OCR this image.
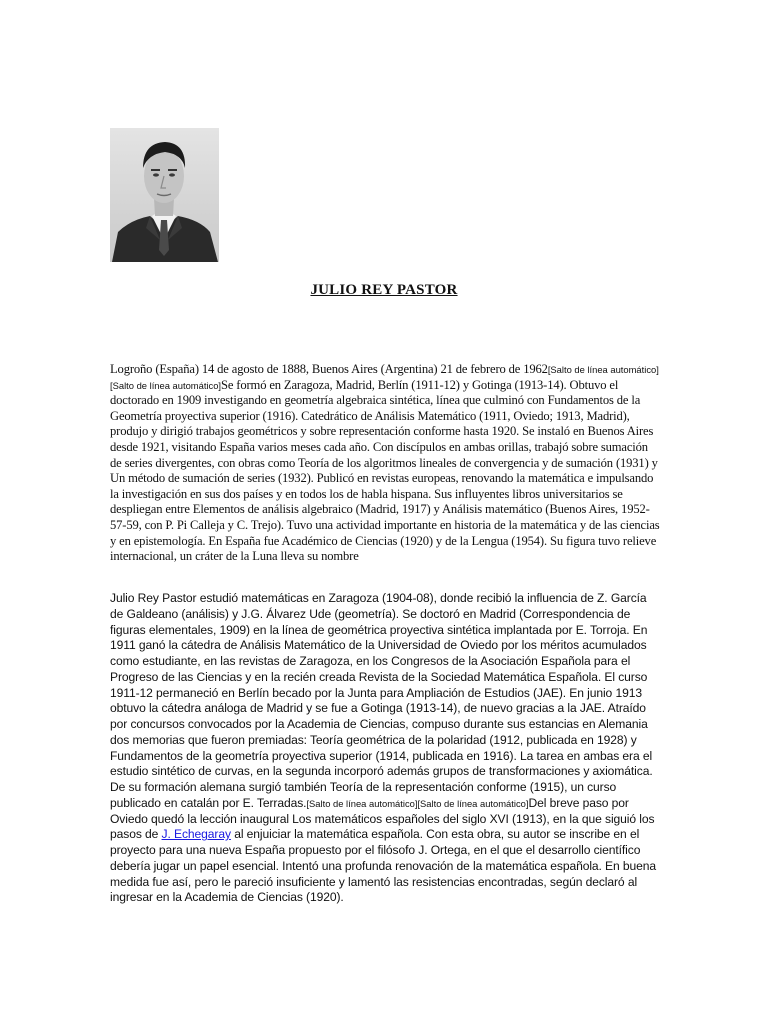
JULIO REY PASTOR
Logroño (España) 14 de agosto de 1888, Buenos Aires (Argentina) 21 de febrero de 1962[Salto de línea automático][Salto de línea automático]Se formó en Zaragoza, Madrid, Berlín (1911-12) y Gotinga (1913-14). Obtuvo el doctorado en 1909 investigando en geometría algebraica sintética, línea que culminó con Fundamentos de la Geometría proyectiva superior (1916). Catedrático de Análisis Matemático (1911, Oviedo; 1913, Madrid), produjo y dirigió trabajos geométricos y sobre representación conforme hasta 1920. Se instaló en Buenos Aires desde 1921, visitando España varios meses cada año. Con discípulos en ambas orillas, trabajó sobre sumación de series divergentes, con obras como Teoría de los algoritmos lineales de convergencia y de sumación (1931) y Un método de sumación de series (1932). Publicó en revistas europeas, renovando la matemática e impulsando la investigación en sus dos países y en todos los de habla hispana. Sus influyentes libros universitarios se despliegan entre Elementos de análisis algebraico (Madrid, 1917) y Análisis matemático (Buenos Aires, 1952-57-59, con P. Pi Calleja y C. Trejo). Tuvo una actividad importante en historia de la matemática y de las ciencias y en epistemología. En España fue Académico de Ciencias (1920) y de la Lengua (1954). Su figura tuvo relieve internacional, un cráter de la Luna lleva su nombre
Julio Rey Pastor estudió matemáticas en Zaragoza (1904-08), donde recibió la influencia de Z. García de Galdeano (análisis) y J.G. Álvarez Ude (geometría). Se doctoró en Madrid (Correspondencia de figuras elementales, 1909) en la línea de geométrica proyectiva sintética implantada por E. Torroja. En 1911 ganó la cátedra de Análisis Matemático de la Universidad de Oviedo por los méritos acumulados como estudiante, en las revistas de Zaragoza, en los Congresos de la Asociación Española para el Progreso de las Ciencias y en la recién creada Revista de la Sociedad Matemática Española. El curso 1911-12 permaneció en Berlín becado por la Junta para Ampliación de Estudios (JAE). En junio 1913 obtuvo la cátedra análoga de Madrid y se fue a Gotinga (1913-14), de nuevo gracias a la JAE. Atraído por concursos convocados por la Academia de Ciencias, compuso durante sus estancias en Alemania dos memorias que fueron premiadas: Teoría geométrica de la polaridad (1912, publicada en 1928) y Fundamentos de la geometría proyectiva superior (1914, publicada en 1916). La tarea en ambas era el estudio sintético de curvas, en la segunda incorporó además grupos de transformaciones y axiomática. De su formación alemana surgió también Teoría de la representación conforme (1915), un curso publicado en catalán por E. Terradas.[Salto de línea automático][Salto de línea automático]Del breve paso por Oviedo quedó la lección inaugural Los matemáticos españoles del siglo XVI (1913), en la que siguió los pasos de J. Echegaray al enjuiciar la matemática española. Con esta obra, su autor se inscribe en el proyecto para una nueva España propuesto por el filósofo J. Ortega, en el que el desarrollo científico debería jugar un papel esencial. Intentó una profunda renovación de la matemática española. En buena medida fue así, pero le pareció insuficiente y lamentó las resistencias encontradas, según declaró al ingresar en la Academia de Ciencias (1920).
